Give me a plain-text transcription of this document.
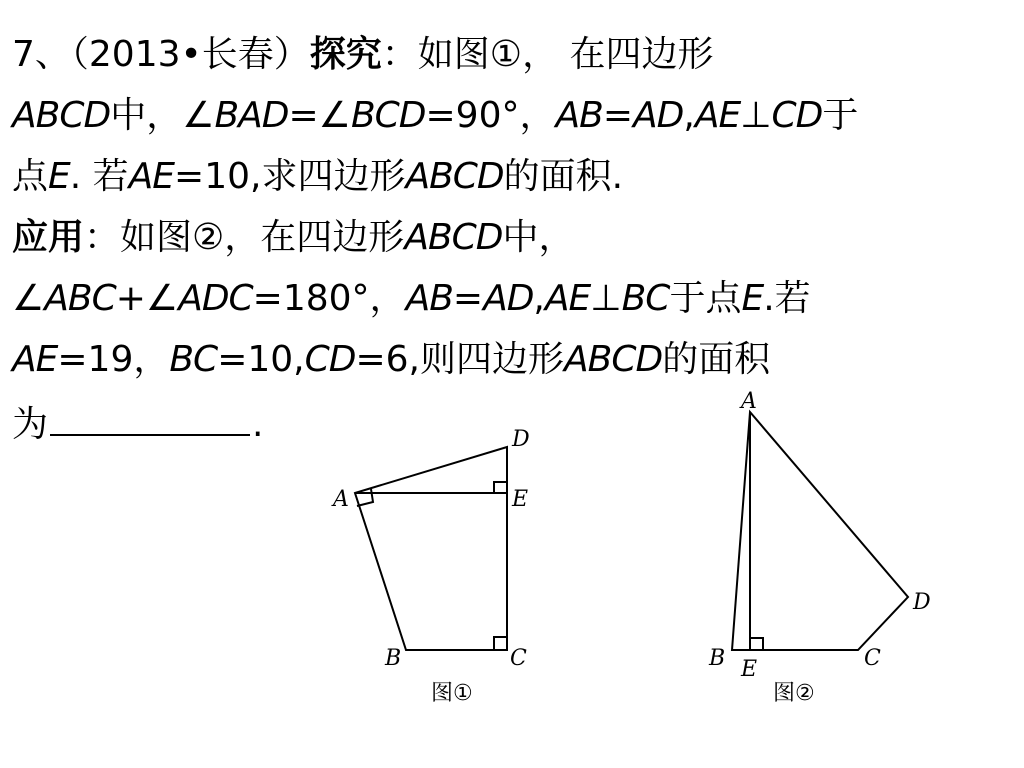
7、（2013•长春）探究：如图①， 在四边形
ABCD中，∠BAD=∠BCD=90°，AB=AD,AE⊥CD于
点E. 若AE=10,求四边形ABCD的面积.
应用：如图②，在四边形ABCD中，
∠ABC+∠ADC=180°，AB=AD,AE⊥BC于点E.若
AE=19，BC=10,CD=6,则四边形ABCD的面积
为	.
A
B	C
D
E
图①
A
B E	C
D
图②
